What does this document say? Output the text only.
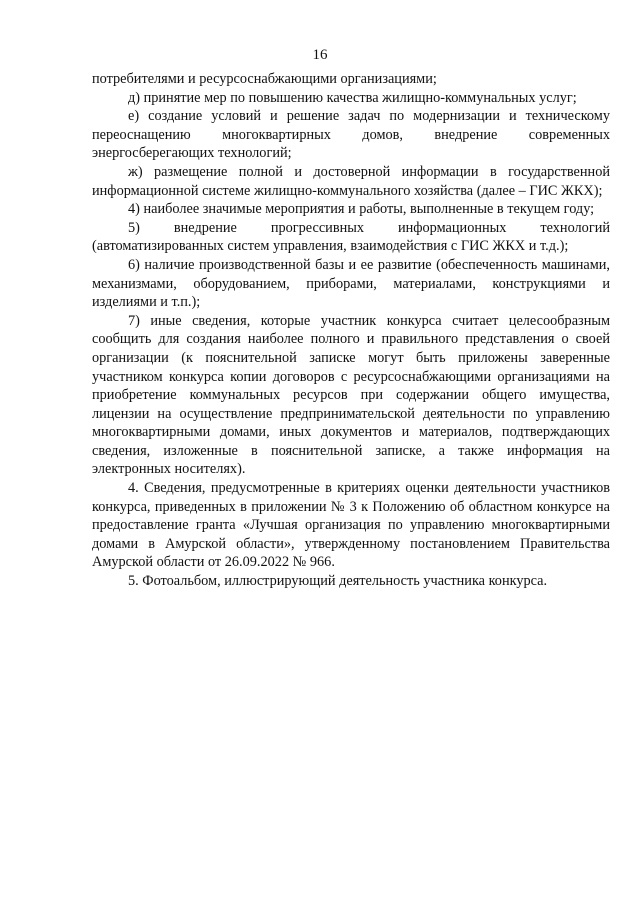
16

потребителями и ресурсоснабжающими организациями;

д) принятие мер по повышению качества жилищно-коммунальных услуг;

е) создание условий и решение задач по модернизации и техническому переоснащению многоквартирных домов, внедрение современных энергосберегающих технологий;

ж) размещение полной и достоверной информации в государственной информационной системе жилищно-коммунального хозяйства (далее – ГИС ЖКХ);

4) наиболее значимые мероприятия и работы, выполненные в текущем году;

5) внедрение прогрессивных информационных технологий (автоматизированных систем управления, взаимодействия с ГИС ЖКХ и т.д.);

6) наличие производственной базы и ее развитие (обеспеченность машинами, механизмами, оборудованием, приборами, материалами, конструкциями и изделиями и т.п.);

7) иные сведения, которые участник конкурса считает целесообразным сообщить для создания наиболее полного и правильного представления о своей организации (к пояснительной записке могут быть приложены заверенные участником конкурса копии договоров с ресурсоснабжающими организациями на приобретение коммунальных ресурсов при содержании общего имущества, лицензии на осуществление предпринимательской деятельности по управлению многоквартирными домами, иных документов и материалов, подтверждающих сведения, изложенные в пояснительной записке, а также информация на электронных носителях).

4. Сведения, предусмотренные в критериях оценки деятельности участников конкурса, приведенных в приложении № 3 к Положению об областном конкурсе на предоставление гранта «Лучшая организация по управлению многоквартирными домами в Амурской области», утвержденному постановлением Правительства Амурской области от 26.09.2022 № 966.

5. Фотоальбом, иллюстрирующий деятельность участника конкурса.
